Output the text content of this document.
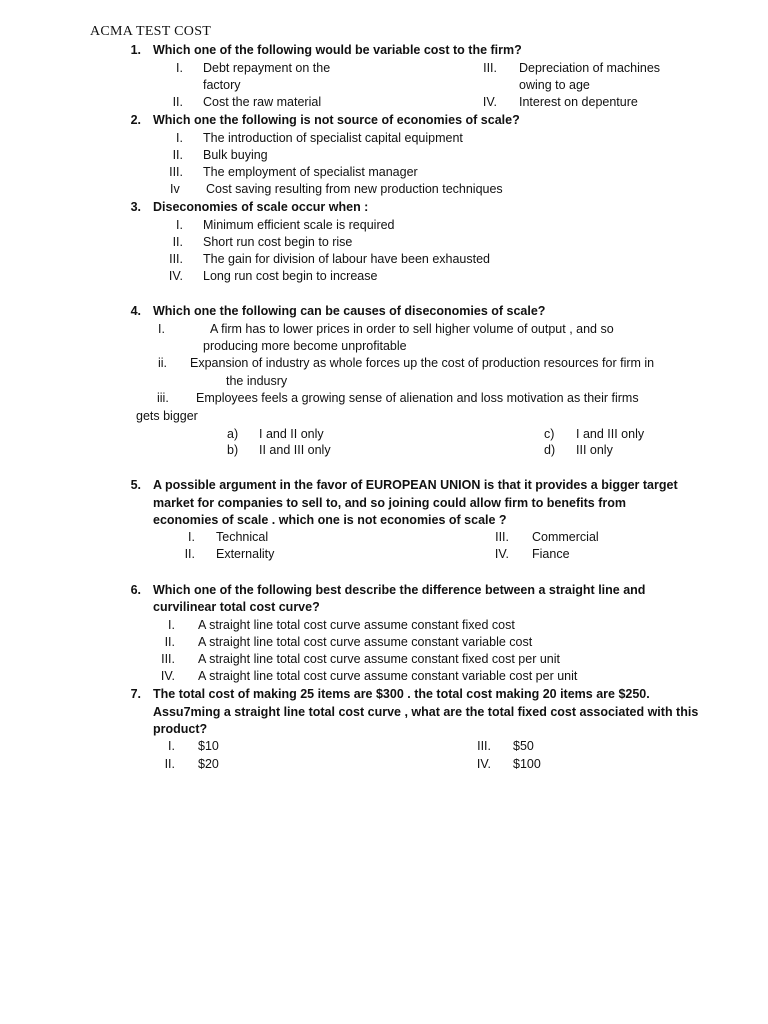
ACMA TEST COST
1. Which one of the following would be variable cost to the firm?
I. Debt repayment on the
factory
III. Depreciation of machines
owing to age
II. Cost the raw material	IV. Interest on depenture
2. Which one the following is not source of economies of scale?
I. The introduction of specialist capital equipment
II. Bulk buying
III. The employment of specialist manager
Iv Cost saving resulting from new production techniques
3. Diseconomies of scale occur when :
I. Minimum efficient scale is required
II. Short run cost begin to rise
III. The gain for division of labour have been exhausted
IV. Long run cost begin to increase
4. Which one the following can be causes of diseconomies of scale?
I.	A firm has to lower prices in order to sell higher volume of output , and so
producing more become unprofitable
ii. Expansion of industry as whole forces up the cost of production resources for firm in
the indusry
iii. Employees feels a growing sense of alienation and loss motivation as their firms
gets bigger
a) I and II only
b) II and III only
c) I and III only
d) III only
5. A possible argument in the favor of EUROPEAN UNION is that it provides a bigger target
market for companies to sell to, and so joining could allow firm to benefits from
economies of scale . which one is not economies of scale ?
I. Technical
II. Externality
III. Commercial
IV. Fiance
6. Which one of the following best describe the difference between a straight line and
curvilinear total cost curve?
I. A straight line total cost curve assume constant fixed cost
II. A straight line total cost curve assume constant variable cost
III. A straight line total cost curve assume constant fixed cost per unit
IV. A straight line total cost curve assume constant variable cost per unit
7. The total cost of making 25 items are $300 . the total cost making 20 items are $250.
Assu7ming a straight line total cost curve , what are the total fixed cost associated with this
product?
I. $10
II. $20
III. $50
IV. $100
